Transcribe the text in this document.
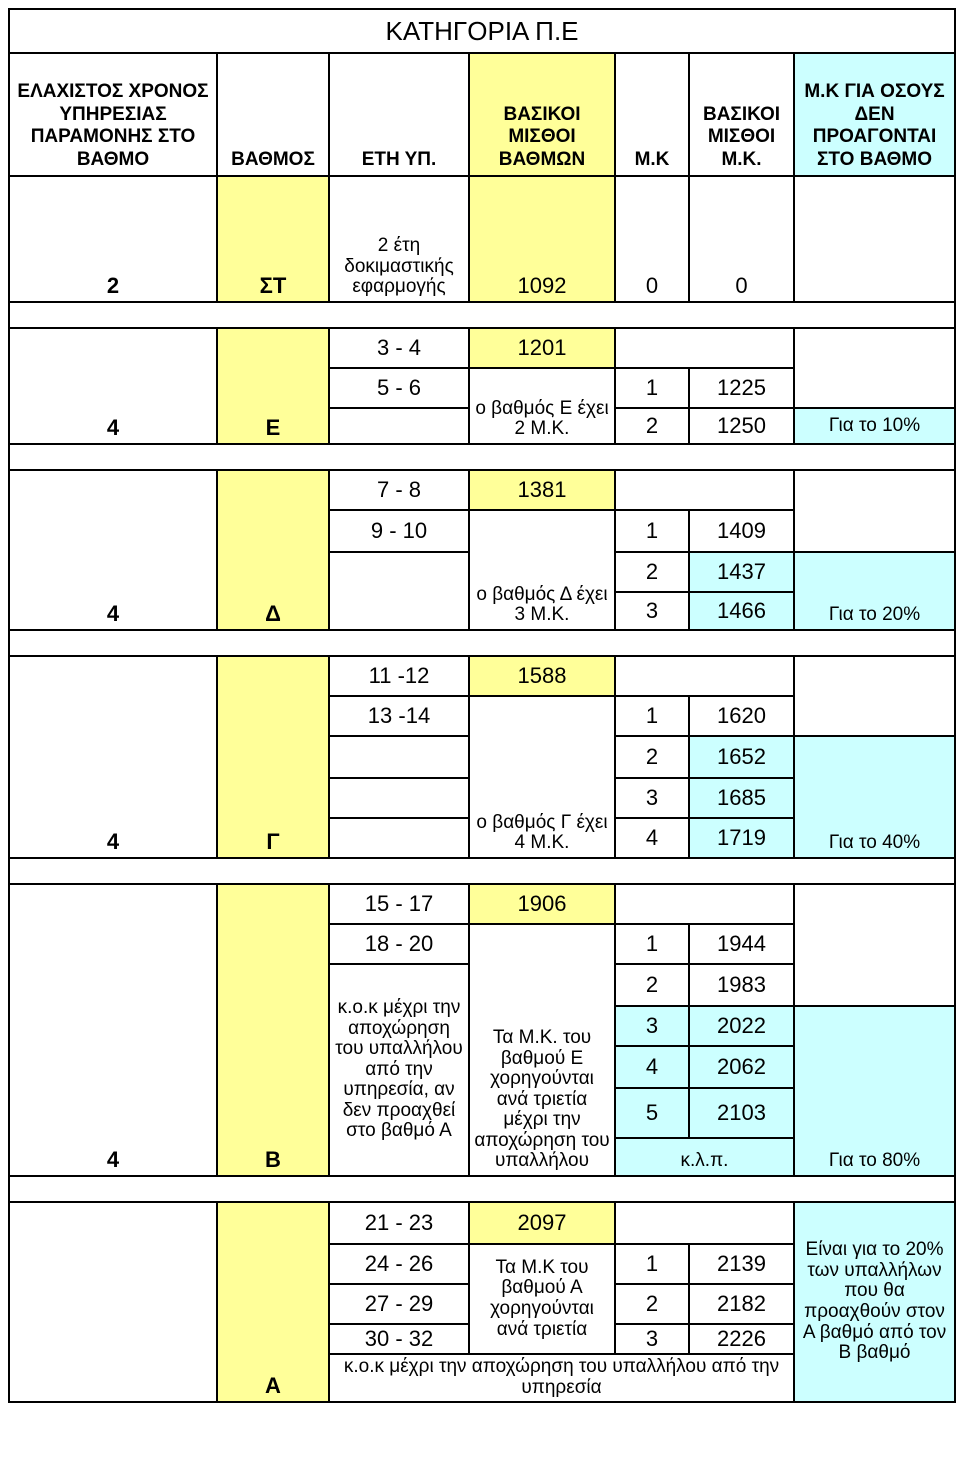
ΚΑΤΗΓΟΡΙΑ Π.Ε						
ΕΛΑΧΙΣΤΟΣ ΧΡΟΝΟΣ ΥΠΗΡΕΣΙΑΣ ΠΑΡΑΜΟΝΗΣ ΣΤΟ ΒΑΘΜΟ	ΒΑΘΜΟΣ	ΕΤΗ ΥΠ.	ΒΑΣΙΚΟΙ ΜΙΣΘΟΙ ΒΑΘΜΩΝ	Μ.Κ	ΒΑΣΙΚΟΙ ΜΙΣΘΟΙ Μ.Κ.	Μ.Κ ΓΙΑ ΟΣΟΥΣ ΔΕΝ ΠΡΟΑΓΟΝΤΑΙ ΣΤΟ ΒΑΘΜΟ
2	ΣΤ	2 έτη δοκιμαστικής εφαρμογής	1092	0	0	

4	Ε	3 - 4	1201			
		5 - 6	ο βαθμός Ε έχει 2 Μ.Κ.	1	1225	
				2	1250	Για το 10%

4	Δ	7 - 8	1381			
		9 - 10	ο βαθμός Δ έχει 3 Μ.Κ.	1	1409	
				2	1437	Για το 20%
				3	1466	

4	Γ	11 -12	1588			
		13 -14	ο βαθμός Γ έχει 4 Μ.Κ.	1	1620	
				2	1652	Για το 40%
				3	1685	
				4	1719	

4	Β	15 - 17	1906			
		18 - 20	Τα Μ.Κ. του βαθμού Ε χορηγούνται ανά τριετία μέχρι την αποχώρηση του υπαλλήλου	1	1944	
		κ.ο.κ μέχρι την αποχώρηση του υπαλλήλου από την υπηρεσία, αν δεν προαχθεί στο βαθμό Α		2	1983	
				3	2022	Για το 80%
				4	2062	
				5	2103	
				κ.λ.π.		

	Α	21 - 23	2097			Είναι για το 20% των υπαλλήλων που θα προαχθούν στον Α βαθμό από τον Β βαθμό
		24 - 26	Τα Μ.Κ του βαθμού Α χορηγούνται ανά τριετία	1	2139	
		27 - 29		2	2182	
		30 - 32		3	2226	
		κ.ο.κ μέχρι την αποχώρηση του υπαλλήλου από την υπηρεσία				
